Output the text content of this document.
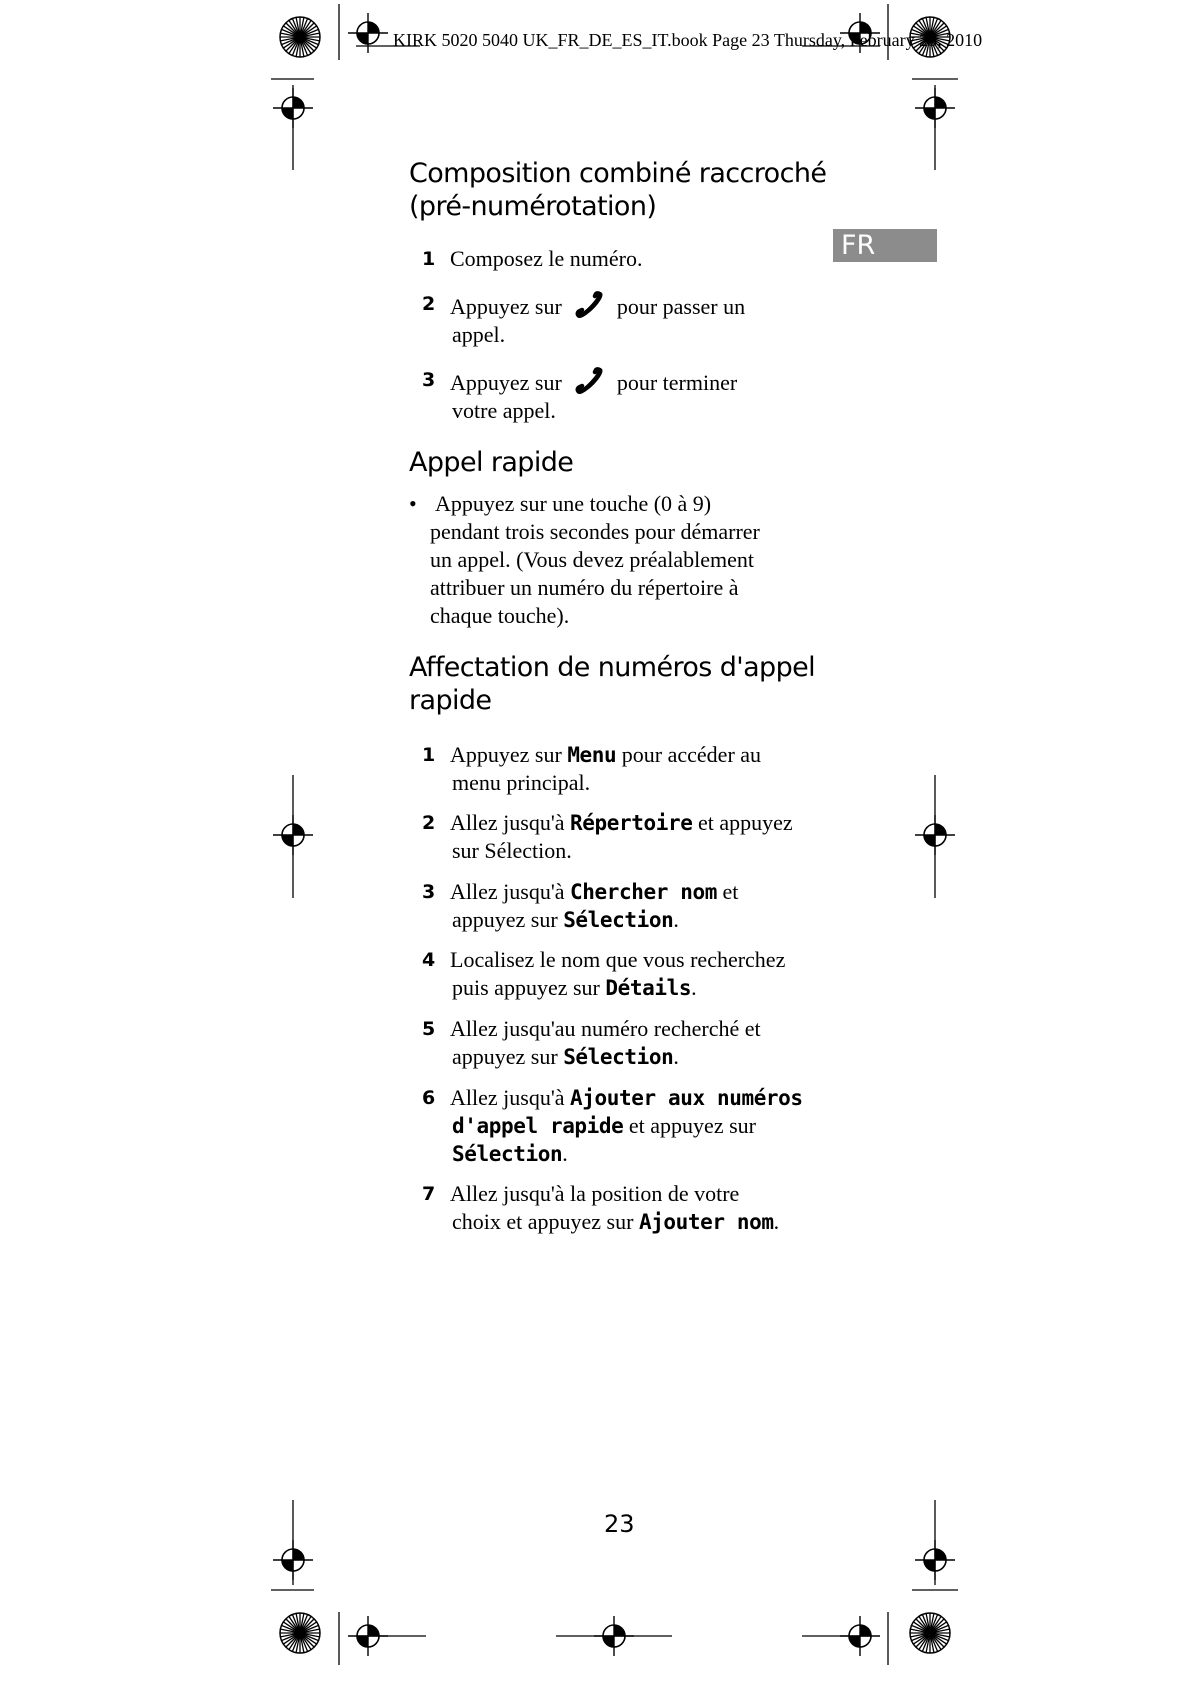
KIRK 5020 5040 UK_FR_DE_ES_IT.book Page 23 Thursday, February 25, 2010
FR
Composition combiné raccroché
(pré-numérotation)
1 Composez le numéro.
2 Appuyez sur	pour passer un
appel.
3 Appuyez sur	pour terminer
votre appel.
Appel rapide
• Appuyez sur une touche (0 à 9)
pendant trois secondes pour démarrer
un appel. (Vous devez préalablement
attribuer un numéro du répertoire à
chaque touche).
Affectation de numéros d'appel
rapide
1 Appuyez sur Menu pour accéder au
menu principal.
2 Allez jusqu'à Répertoire et appuyez
sur Sélection.
3 Allez jusqu'à Chercher nom et
appuyez sur Sélection.
4 Localisez le nom que vous recherchez
puis appuyez sur Détails.
5 Allez jusqu'au numéro recherché et
appuyez sur Sélection.
6 Allez jusqu'à Ajouter aux numéros
d'appel rapide et appuyez sur
Sélection.
7 Allez jusqu'à la position de votre
choix et appuyez sur Ajouter nom.
23
